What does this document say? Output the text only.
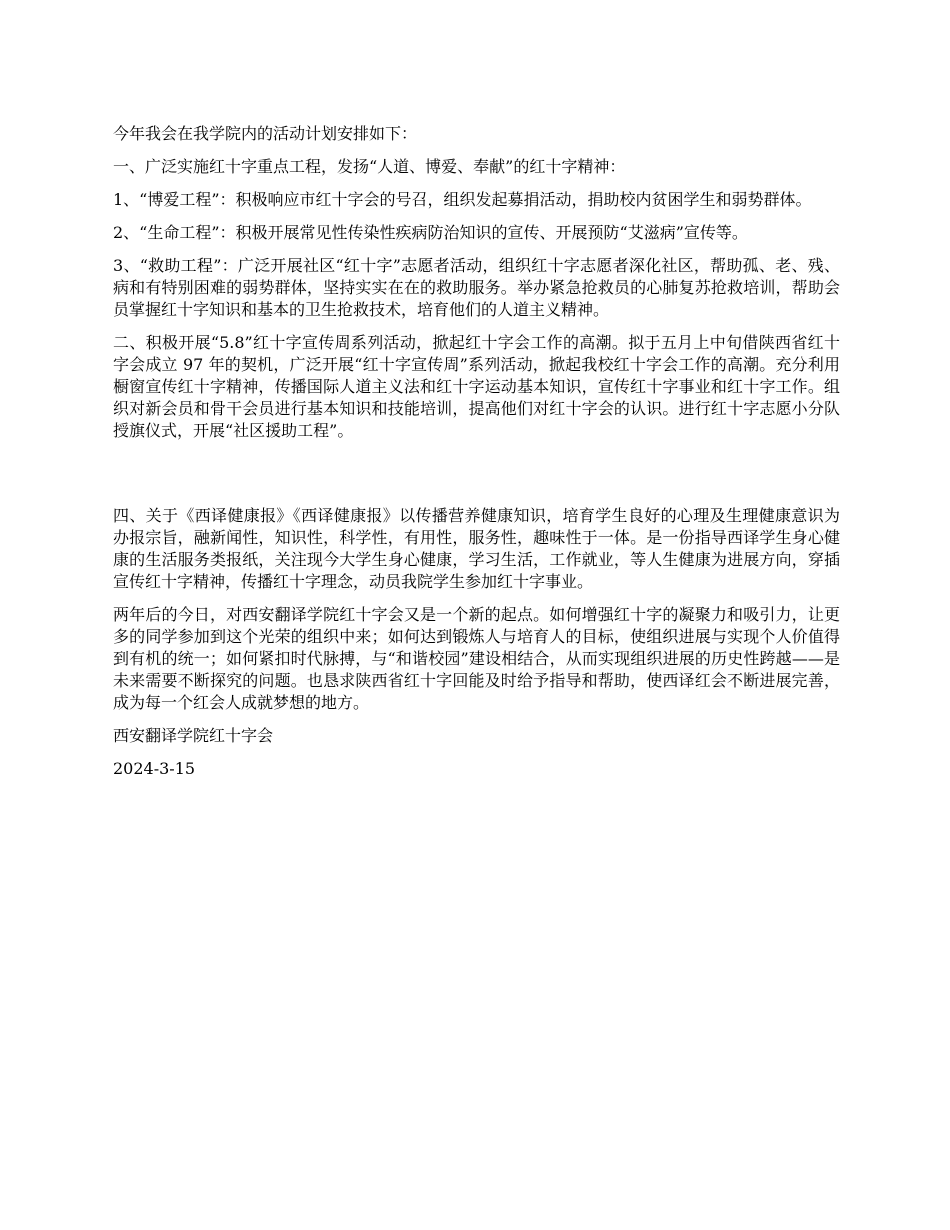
今年我会在我学院内的活动计划安排如下：

一、广泛实施红十字重点工程，发扬“人道、博爱、奉献”的红十字精神：

1、“博爱工程”：积极响应市红十字会的号召，组织发起募捐活动，捐助校内贫困学生和弱势群体。

2、“生命工程”：积极开展常见性传染性疾病防治知识的宣传、开展预防“艾滋病”宣传等。

3、“救助工程”：广泛开展社区“红十字”志愿者活动，组织红十字志愿者深化社区，帮助孤、老、残、病和有特别困难的弱势群体，坚持实实在在的救助服务。举办紧急抢救员的心肺复苏抢救培训，帮助会员掌握红十字知识和基本的卫生抢救技术，培育他们的人道主义精神。

二、积极开展“5.8”红十字宣传周系列活动，掀起红十字会工作的高潮。拟于五月上中旬借陕西省红十字会成立 97 年的契机，广泛开展“红十字宣传周”系列活动，掀起我校红十字会工作的高潮。充分利用橱窗宣传红十字精神，传播国际人道主义法和红十字运动基本知识，宣传红十字事业和红十字工作。组织对新会员和骨干会员进行基本知识和技能培训，提高他们对红十字会的认识。进行红十字志愿小分队授旗仪式，开展“社区援助工程”。

四、关于《西译健康报》《西译健康报》以传播营养健康知识，培育学生良好的心理及生理健康意识为办报宗旨，融新闻性，知识性，科学性，有用性，服务性，趣味性于一体。是一份指导西译学生身心健康的生活服务类报纸，关注现今大学生身心健康，学习生活，工作就业，等人生健康为进展方向，穿插宣传红十字精神，传播红十字理念，动员我院学生参加红十字事业。

两年后的今日，对西安翻译学院红十字会又是一个新的起点。如何增强红十字的凝聚力和吸引力，让更多的同学参加到这个光荣的组织中来；如何达到锻炼人与培育人的目标，使组织进展与实现个人价值得到有机的统一；如何紧扣时代脉搏，与“和谐校园”建设相结合，从而实现组织进展的历史性跨越——是未来需要不断探究的问题。也恳求陕西省红十字回能及时给予指导和帮助，使西译红会不断进展完善，成为每一个红会人成就梦想的地方。

西安翻译学院红十字会

2024-3-15
